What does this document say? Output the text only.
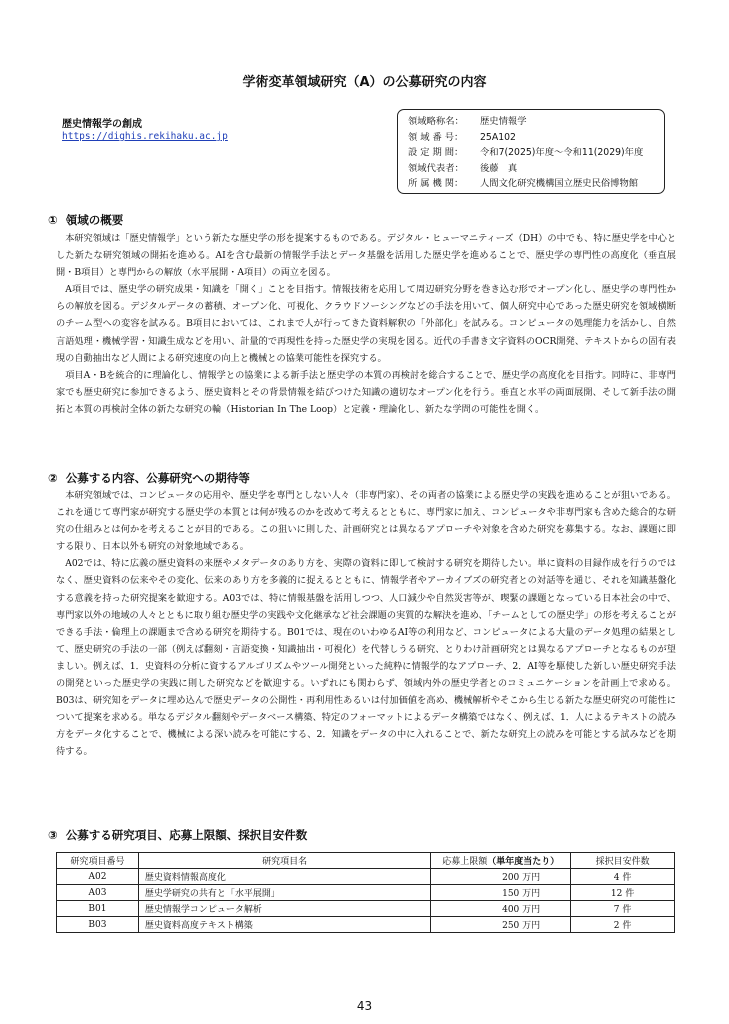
学術変革領域研究（A）の公募研究の内容
歴史情報学の創成
https://dighis.rekihaku.ac.jp
領域略称名：	歴史情報学
領 域 番 号：	25A102
設 定 期 間：	令和7(2025)年度～令和11(2029)年度
領域代表者：	後藤　真
所 属 機 関：	人間文化研究機構国立歴史民俗博物館
① 領域の概要

本研究領域は「歴史情報学」という新たな歴史学の形を提案するものである。デジタル・ヒューマニティーズ（DH）の中でも、特に歴史学を中心とした新たな研究領域の開拓を進める。AIを含む最新の情報学手法とデータ基盤を活用した歴史学を進めることで、歴史学の専門性の高度化（垂直展開・B項目）と専門からの解放（水平展開・A項目）の両立を図る。

A項目では、歴史学の研究成果・知識を「開く」ことを目指す。情報技術を応用して周辺研究分野を巻き込む形でオープン化し、歴史学の専門性からの解放を図る。デジタルデータの蓄積、オープン化、可視化、クラウドソーシングなどの手法を用いて、個人研究中心であった歴史研究を領域横断のチーム型への変容を試みる。B項目においては、これまで人が行ってきた資料解釈の「外部化」を試みる。コンピュータの処理能力を活かし、自然言語処理・機械学習・知識生成などを用い、計量的で再現性を持った歴史学の実現を図る。近代の手書き文字資料のOCR開発、テキストからの固有表現の自動抽出など人間による研究速度の向上と機械との協業可能性を探究する。

項目A・Bを統合的に理論化し、情報学との協業による新手法と歴史学の本質の再検討を総合することで、歴史学の高度化を目指す。同時に、非専門家でも歴史研究に参加できるよう、歴史資料とその背景情報を結びつけた知識の適切なオープン化を行う。垂直と水平の両面展開、そして新手法の開拓と本質の再検討全体の新たな研究の輪（Historian In The Loop）と定義・理論化し、新たな学問の可能性を開く。

② 公募する内容、公募研究への期待等

本研究領域では、コンピュータの応用や、歴史学を専門としない人々（非専門家）、その両者の協業による歴史学の実践を進めることが狙いである。これを通じて専門家が研究する歴史学の本質とは何が残るのかを改めて考えるとともに、専門家に加え、コンピュータや非専門家も含めた総合的な研究の仕組みとは何かを考えることが目的である。この狙いに則した、計画研究とは異なるアプローチや対象を含めた研究を募集する。なお、課題に即する限り、日本以外も研究の対象地域である。

A02では、特に広義の歴史資料の来歴やメタデータのあり方を、実際の資料に即して検討する研究を期待したい。単に資料の目録作成を行うのではなく、歴史資料の伝来やその変化、伝来のあり方を多義的に捉えるとともに、情報学者やアーカイブズの研究者との対話等を通じ、それを知識基盤化する意義を持った研究提案を歓迎する。A03では、特に情報基盤を活用しつつ、人口減少や自然災害等が、喫緊の課題となっている日本社会の中で、専門家以外の地域の人々とともに取り組む歴史学の実践や文化継承など社会課題の実質的な解決を進め、「チームとしての歴史学」の形を考えることができる手法・倫理上の課題まで含める研究を期待する。B01では、現在のいわゆるAI等の利用など、コンピュータによる大量のデータ処理の結果として、歴史研究の手法の一部（例えば翻刻・言語変換・知識抽出・可視化）を代替しうる研究、とりわけ計画研究とは異なるアプローチとなるものが望ましい。例えば、1．史資料の分析に資するアルゴリズムやツール開発といった純粋に情報学的なアプローチ、2．AI等を駆使した新しい歴史研究手法の開発といった歴史学の実践に則した研究などを歓迎する。いずれにも関わらず、領域内外の歴史学者とのコミュニケーションを計画上で求める。B03は、研究知をデータに埋め込んで歴史データの公開性・再利用性あるいは付加価値を高め、機械解析やそこから生じる新たな歴史研究の可能性について提案を求める。単なるデジタル翻刻やデータベース構築、特定のフォーマットによるデータ構築ではなく、例えば、1．人によるテキストの読み方をデータ化することで、機械による深い読みを可能にする、2．知識をデータの中に入れることで、新たな研究上の読みを可能とする試みなどを期待する。

③ 公募する研究項目、応募上限額、採択目安件数
研究項目番号	研究項目名	応募上限額（単年度当たり）	採択目安件数
A02	歴史資料情報高度化	200 万円	4 件
A03	歴史学研究の共有と「水平展開」	150 万円	12 件
B01	歴史情報学コンピュータ解析	400 万円	7 件
B03	歴史資料高度テキスト構築	250 万円	2 件
43
